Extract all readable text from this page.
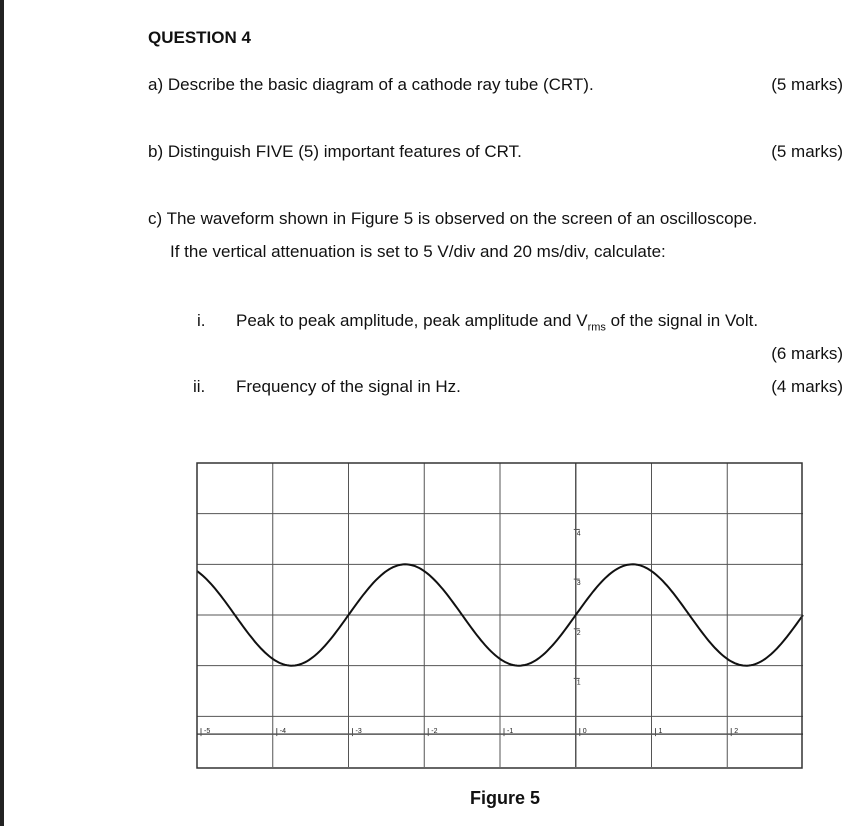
QUESTION 4
a) Describe the basic diagram of a cathode ray tube (CRT).	(5 marks)
b) Distinguish FIVE (5) important features of CRT.	(5 marks)
c) The waveform shown in Figure 5 is observed on the screen of an oscilloscope.
If the vertical attenuation is set to 5 V/div and 20 ms/div, calculate:
i. Peak to peak amplitude, peak amplitude and $V_{rms}$ of the signal in Volt.
(6 marks)
ii. Frequency of the signal in Hz.	(4 marks)
-5	-4	-3	-2	-1	0	1	2
1
2
3
4
Figure 5
